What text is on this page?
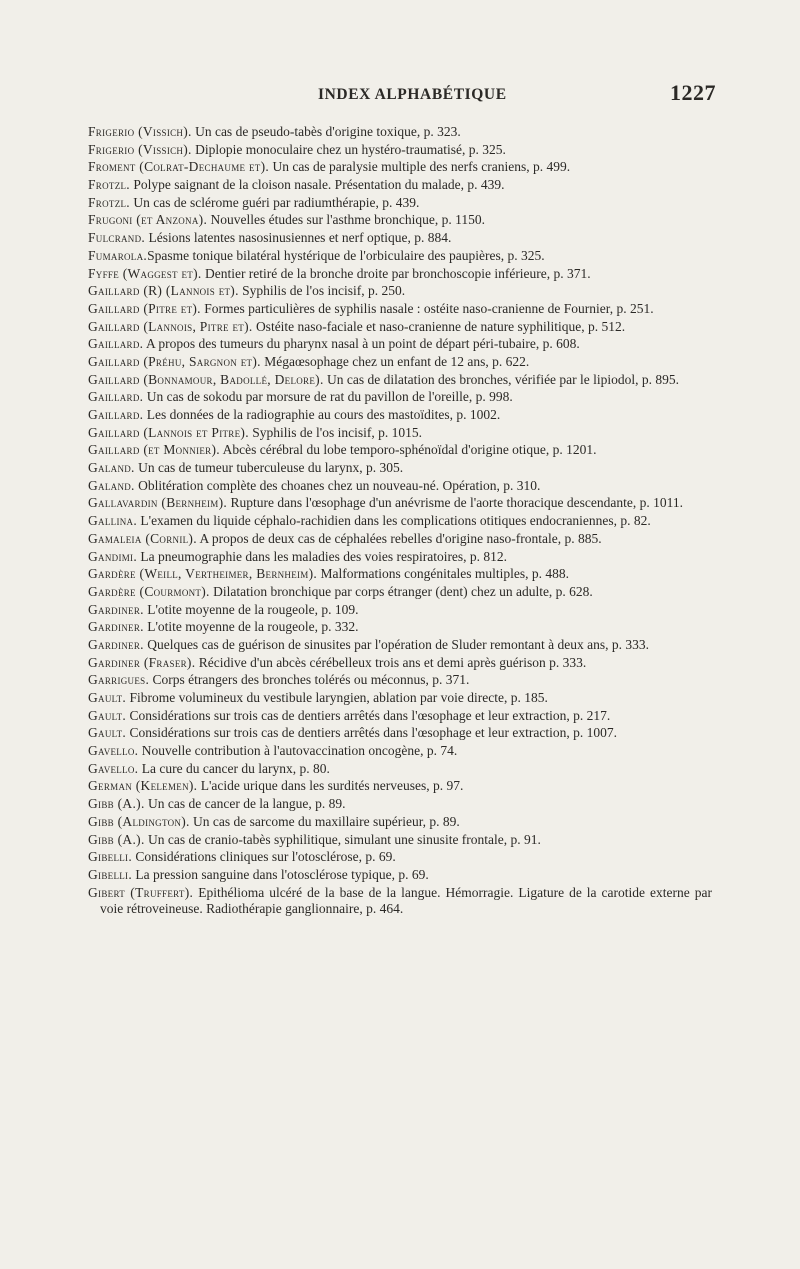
INDEX ALPHABÉTIQUE	1227

Frigerio (Vissich). Un cas de pseudo-tabès d'origine toxique, p. 323.

Frigerio (Vissich). Diplopie monoculaire chez un hystéro-traumatisé, p. 325.

Froment (Colrat-Dechaume et). Un cas de paralysie multiple des nerfs craniens, p. 499.

Frotzl. Polype saignant de la cloison nasale. Présentation du malade, p. 439.

Frotzl. Un cas de sclérome guéri par radiumthérapie, p. 439.

Frugoni (et Anzona). Nouvelles études sur l'asthme bronchique, p. 1150.

Fulcrand. Lésions latentes nasosinusiennes et nerf optique, p. 884.

Fumarola.Spasme tonique bilatéral hystérique de l'orbiculaire des paupières, p. 325.

Fyffe (Waggest et). Dentier retiré de la bronche droite par bronchoscopie inférieure, p. 371.

Gaillard (R) (Lannois et). Syphilis de l'os incisif, p. 250.

Gaillard (Pitre et). Formes particulières de syphilis nasale : ostéite naso-cranienne de Fournier, p. 251.

Gaillard (Lannois, Pitre et). Ostéite naso-faciale et naso-cranienne de nature syphilitique, p. 512.

Gaillard. A propos des tumeurs du pharynx nasal à un point de départ péri-tubaire, p. 608.

Gaillard (Préhu, Sargnon et). Mégaœsophage chez un enfant de 12 ans, p. 622.

Gaillard (Bonnamour, Badollé, Delore). Un cas de dilatation des bronches, vérifiée par le lipiodol, p. 895.

Gaillard. Un cas de sokodu par morsure de rat du pavillon de l'oreille, p. 998.

Gaillard. Les données de la radiographie au cours des mastoïdites, p. 1002.

Gaillard (Lannois et Pitre). Syphilis de l'os incisif, p. 1015.

Gaillard (et Monnier). Abcès cérébral du lobe temporo-sphénoïdal d'origine otique, p. 1201.

Galand. Un cas de tumeur tuberculeuse du larynx, p. 305.

Galand. Oblitération complète des choanes chez un nouveau-né. Opération, p. 310.

Gallavardin (Bernheim). Rupture dans l'œsophage d'un anévrisme de l'aorte thoracique descendante, p. 1011.

Gallina. L'examen du liquide céphalo-rachidien dans les complications otitiques endocraniennes, p. 82.

Gamaleia (Cornil). A propos de deux cas de céphalées rebelles d'origine naso-frontale, p. 885.

Gandimi. La pneumographie dans les maladies des voies respiratoires, p. 812.

Gardère (Weill, Vertheimer, Bernheim). Malformations congénitales multiples, p. 488.

Gardère (Courmont). Dilatation bronchique par corps étranger (dent) chez un adulte, p. 628.

Gardiner. L'otite moyenne de la rougeole, p. 109.

Gardiner. L'otite moyenne de la rougeole, p. 332.

Gardiner. Quelques cas de guérison de sinusites par l'opération de Sluder remontant à deux ans, p. 333.

Gardiner (Fraser). Récidive d'un abcès cérébelleux trois ans et demi après guérison p. 333.

Garrigues. Corps étrangers des bronches tolérés ou méconnus, p. 371.

Gault. Fibrome volumineux du vestibule laryngien, ablation par voie directe, p. 185.

Gault. Considérations sur trois cas de dentiers arrêtés dans l'œsophage et leur extraction, p. 217.

Gault. Considérations sur trois cas de dentiers arrêtés dans l'œsophage et leur extraction, p. 1007.

Gavello. Nouvelle contribution à l'autovaccination oncogène, p. 74.

Gavello. La cure du cancer du larynx, p. 80.

German (Kelemen). L'acide urique dans les surdités nerveuses, p. 97.

Gibb (A.). Un cas de cancer de la langue, p. 89.

Gibb (Aldington). Un cas de sarcome du maxillaire supérieur, p. 89.

Gibb (A.). Un cas de cranio-tabès syphilitique, simulant une sinusite frontale, p. 91.

Gibelli. Considérations cliniques sur l'otosclérose, p. 69.

Gibelli. La pression sanguine dans l'otosclérose typique, p. 69.

Gibert (Truffert). Epithélioma ulcéré de la base de la langue. Hémorragie. Ligature de la carotide externe par voie rétroveineuse. Radiothérapie ganglionnaire, p. 464.
